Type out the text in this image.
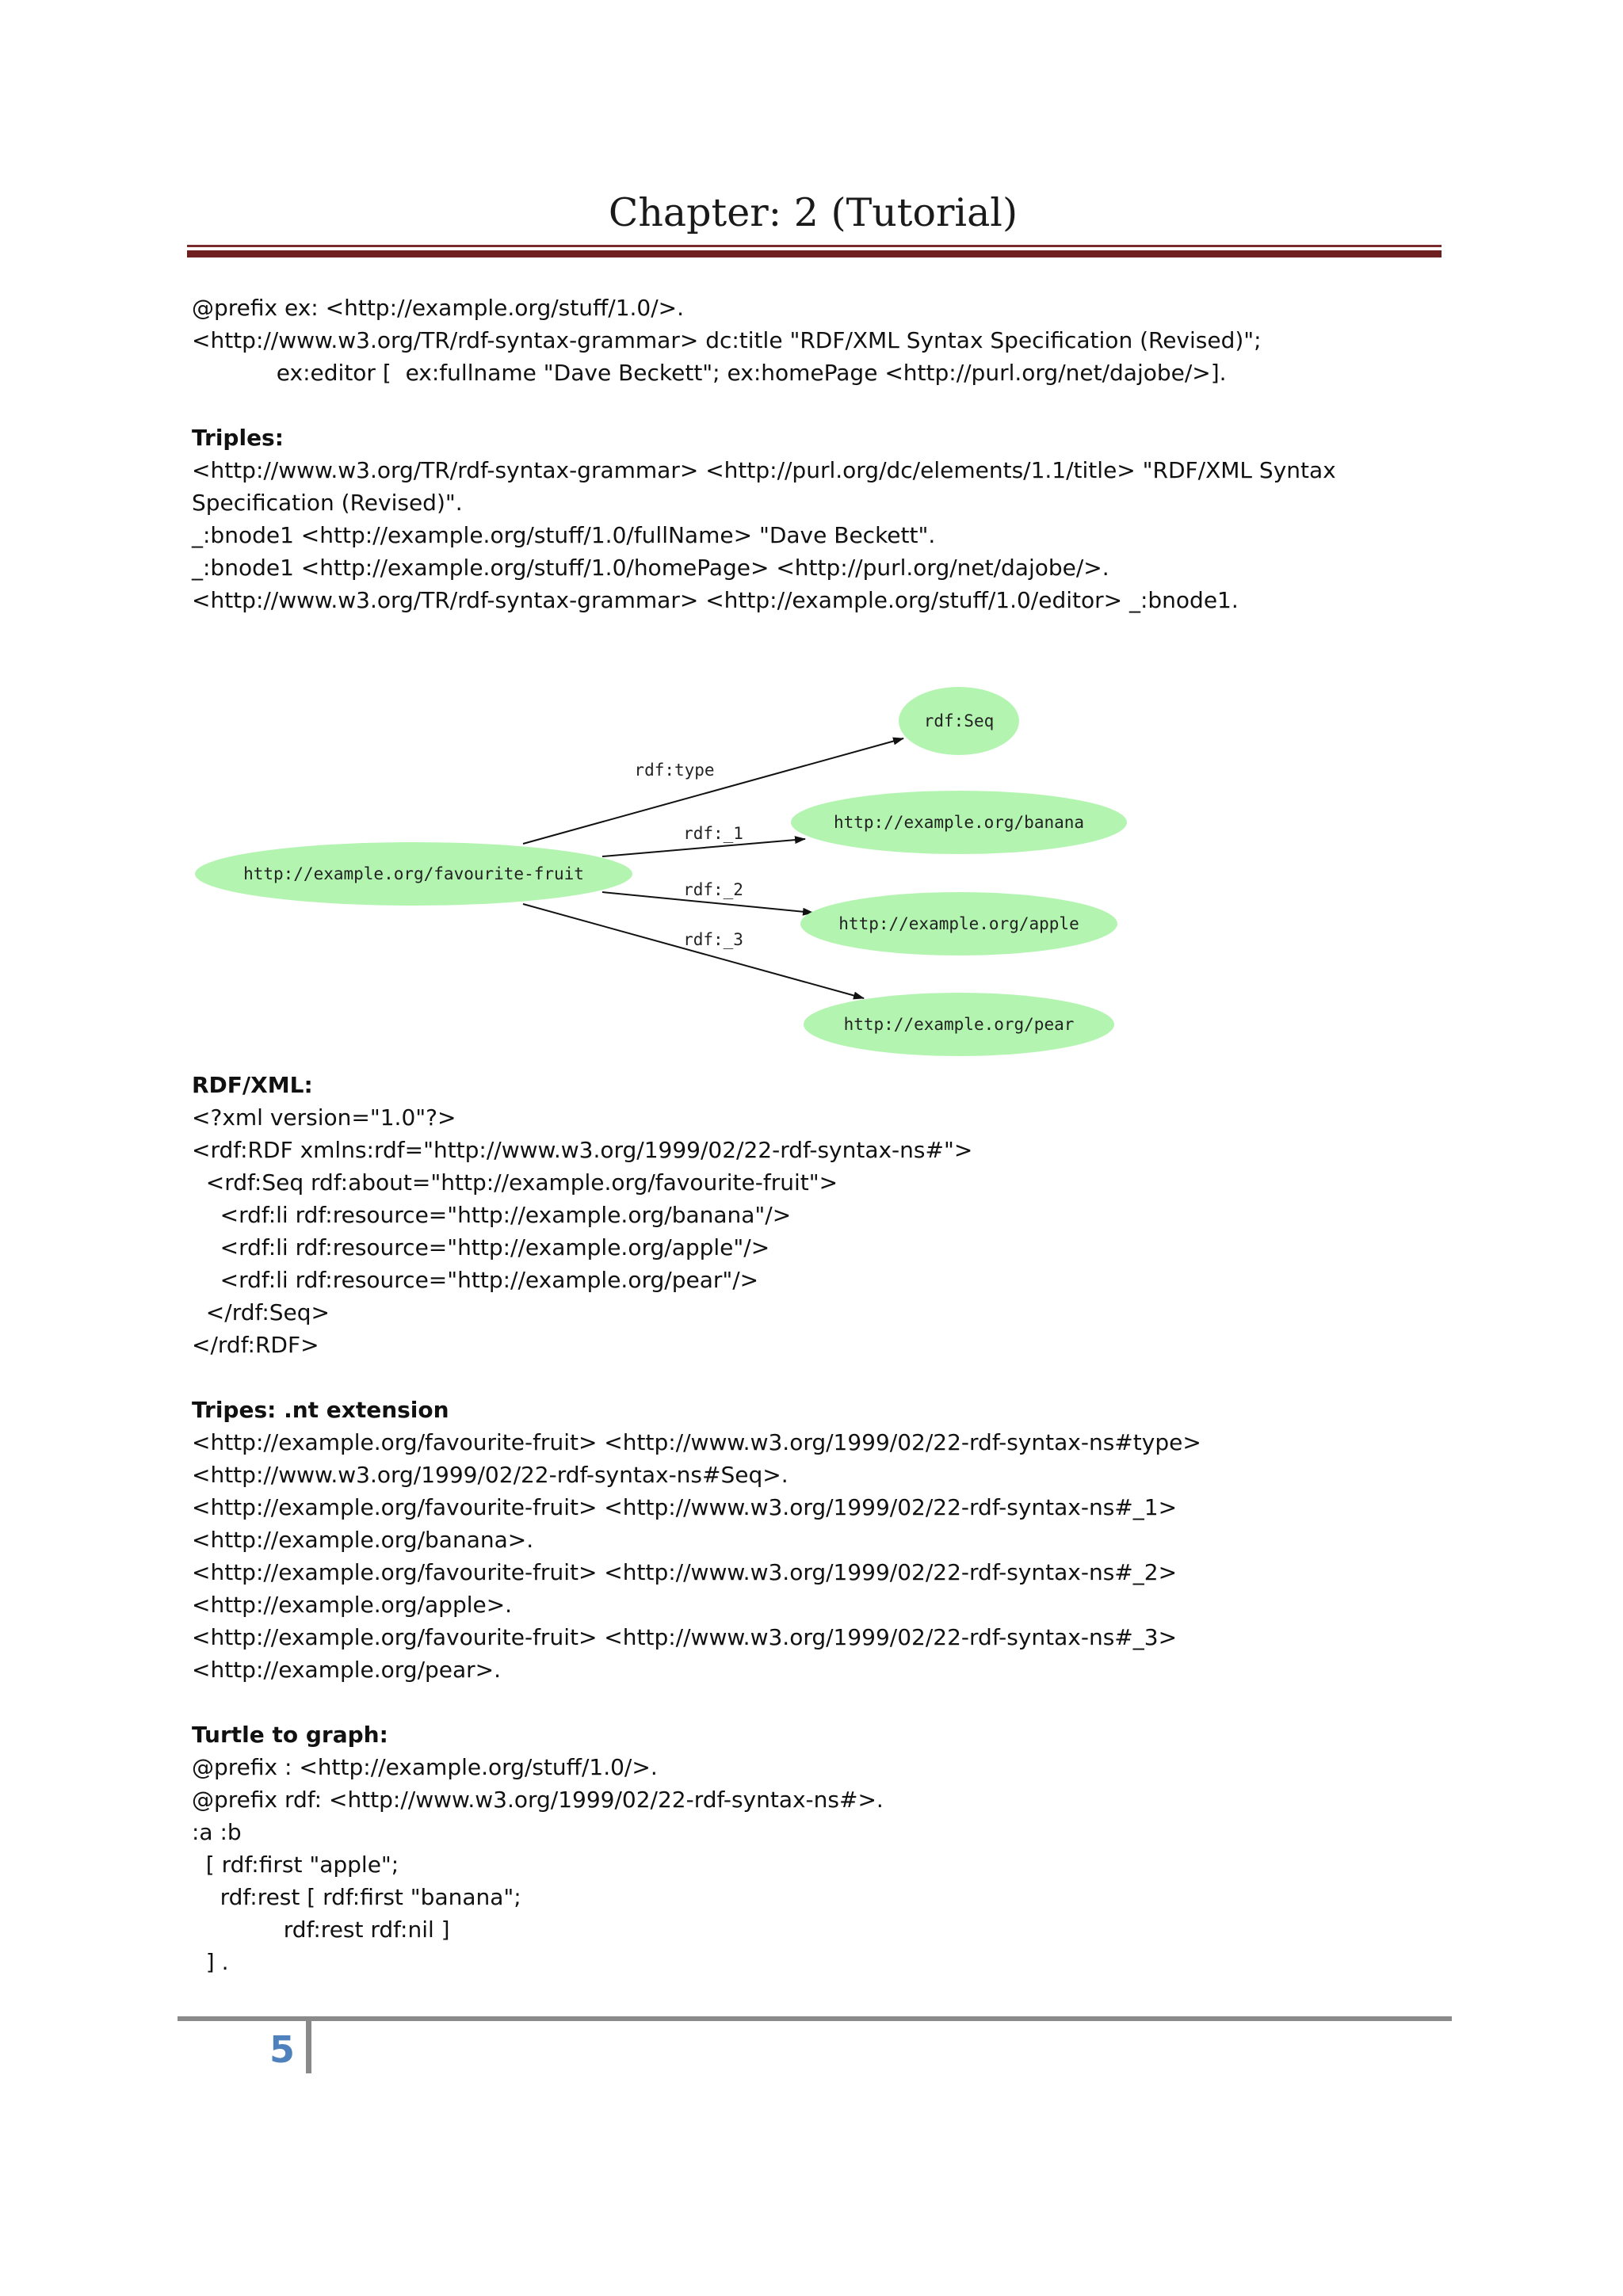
Chapter: 2 (Tutorial)
@prefix ex: <http://example.org/stuff/1.0/>.
<http://www.w3.org/TR/rdf-syntax-grammar> dc:title "RDF/XML Syntax Specification (Revised)";
ex:editor [  ex:fullname "Dave Beckett"; ex:homePage <http://purl.org/net/dajobe/>].
Triples:
<http://www.w3.org/TR/rdf-syntax-grammar> <http://purl.org/dc/elements/1.1/title> "RDF/XML Syntax
Specification (Revised)".
_:bnode1 <http://example.org/stuff/1.0/fullName> "Dave Beckett".
_:bnode1 <http://example.org/stuff/1.0/homePage> <http://purl.org/net/dajobe/>.
<http://www.w3.org/TR/rdf-syntax-grammar> <http://example.org/stuff/1.0/editor> _:bnode1.
rdf:type
rdf:_1
rdf:_2
rdf:_3
http://example.org/favourite-fruit
rdf:Seq
http://example.org/banana
http://example.org/apple
http://example.org/pear
RDF/XML:
<?xml version="1.0"?>
<rdf:RDF xmlns:rdf="http://www.w3.org/1999/02/22-rdf-syntax-ns#">
<rdf:Seq rdf:about="http://example.org/favourite-fruit">
<rdf:li rdf:resource="http://example.org/banana"/>
<rdf:li rdf:resource="http://example.org/apple"/>
<rdf:li rdf:resource="http://example.org/pear"/>
</rdf:Seq>
</rdf:RDF>
Tripes: .nt extension
<http://example.org/favourite-fruit> <http://www.w3.org/1999/02/22-rdf-syntax-ns#type>
<http://www.w3.org/1999/02/22-rdf-syntax-ns#Seq>.
<http://example.org/favourite-fruit> <http://www.w3.org/1999/02/22-rdf-syntax-ns#_1>
<http://example.org/banana>.
<http://example.org/favourite-fruit> <http://www.w3.org/1999/02/22-rdf-syntax-ns#_2>
<http://example.org/apple>.
<http://example.org/favourite-fruit> <http://www.w3.org/1999/02/22-rdf-syntax-ns#_3>
<http://example.org/pear>.
Turtle to graph:
@prefix : <http://example.org/stuff/1.0/>.
@prefix rdf: <http://www.w3.org/1999/02/22-rdf-syntax-ns#>.
:a :b
[ rdf:first "apple";
rdf:rest [ rdf:first "banana";
rdf:rest rdf:nil ]
] .
5
